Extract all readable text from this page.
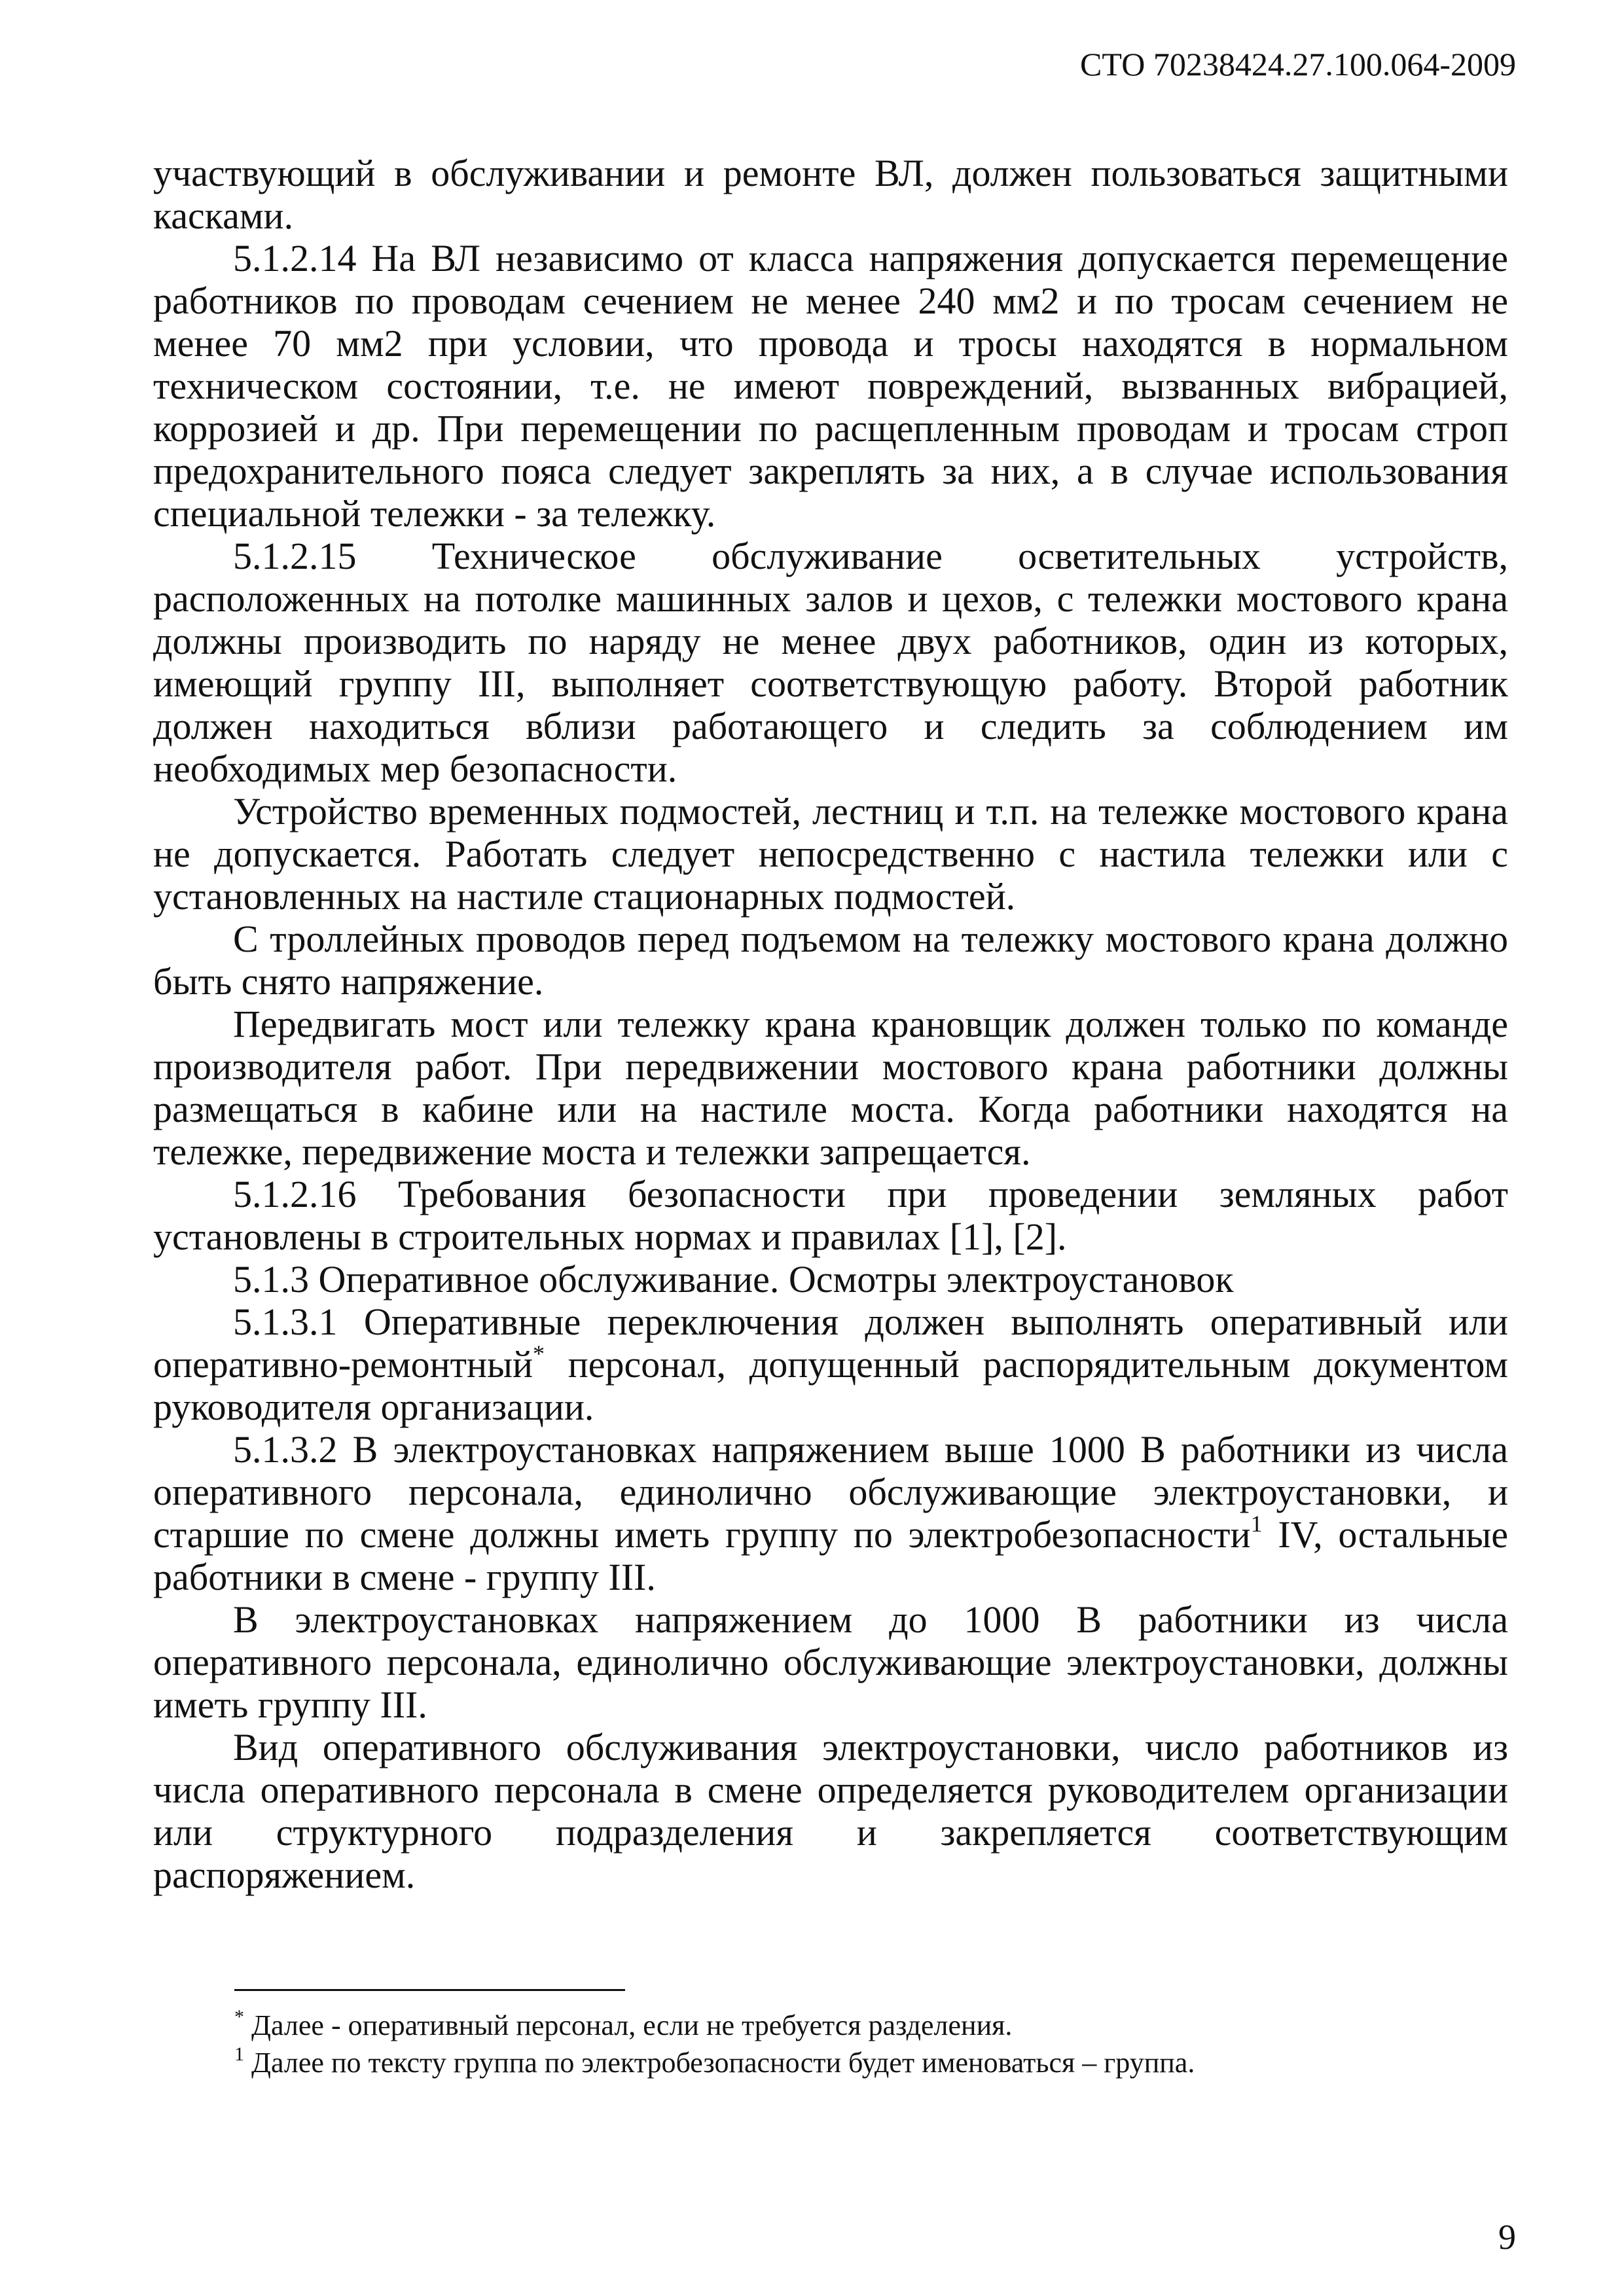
СТО 70238424.27.100.064-2009

участвующий в обслуживании и ремонте ВЛ, должен пользоваться защитными касками.

5.1.2.14 На ВЛ независимо от класса напряжения допускается перемещение работников по проводам сечением не менее 240 мм2 и по тросам сечением не менее 70 мм2 при условии, что провода и тросы находятся в нормальном техническом состоянии, т.е. не имеют повреждений, вызванных вибрацией, коррозией и др. При перемещении по расщепленным проводам и тросам строп предохранительного пояса следует закреплять за них, а в случае использования специальной тележки - за тележку.

5.1.2.15 Техническое обслуживание осветительных устройств, расположенных на потолке машинных залов и цехов, с тележки мостового крана должны производить по наряду не менее двух работников, один из которых, имеющий группу III, выполняет соответствующую работу. Второй работник должен находиться вблизи работающего и следить за соблюдением им необходимых мер безопасности.

Устройство временных подмостей, лестниц и т.п. на тележке мостового крана не допускается. Работать следует непосредственно с настила тележки или с установленных на настиле стационарных подмостей.

С троллейных проводов перед подъемом на тележку мостового крана должно быть снято напряжение.

Передвигать мост или тележку крана крановщик должен только по команде производителя работ. При передвижении мостового крана работники должны размещаться в кабине или на настиле моста. Когда работники находятся на тележке, передвижение моста и тележки запрещается.

5.1.2.16 Требования безопасности при проведении земляных работ установлены в строительных нормах и правилах [1], [2].

5.1.3 Оперативное обслуживание. Осмотры электроустановок

5.1.3.1 Оперативные переключения должен выполнять оперативный или оперативно-ремонтный* персонал, допущенный распорядительным документом руководителя организации.

5.1.3.2 В электроустановках напряжением выше 1000 В работники из числа оперативного персонала, единолично обслуживающие электроустановки, и старшие по смене должны иметь группу по электробезопасности$^1$ IV, остальные работники в смене - группу III.

В электроустановках напряжением до 1000 В работники из числа оперативного персонала, единолично обслуживающие электроустановки, должны иметь группу III.

Вид оперативного обслуживания электроустановки, число работников из числа оперативного персонала в смене определяется руководителем организации или структурного подразделения и закрепляется соответствующим распоряжением.

* Далее - оперативный персонал, если не требуется разделения.

$^1$ Далее по тексту группа по электробезопасности будет именоваться – группа.

9
